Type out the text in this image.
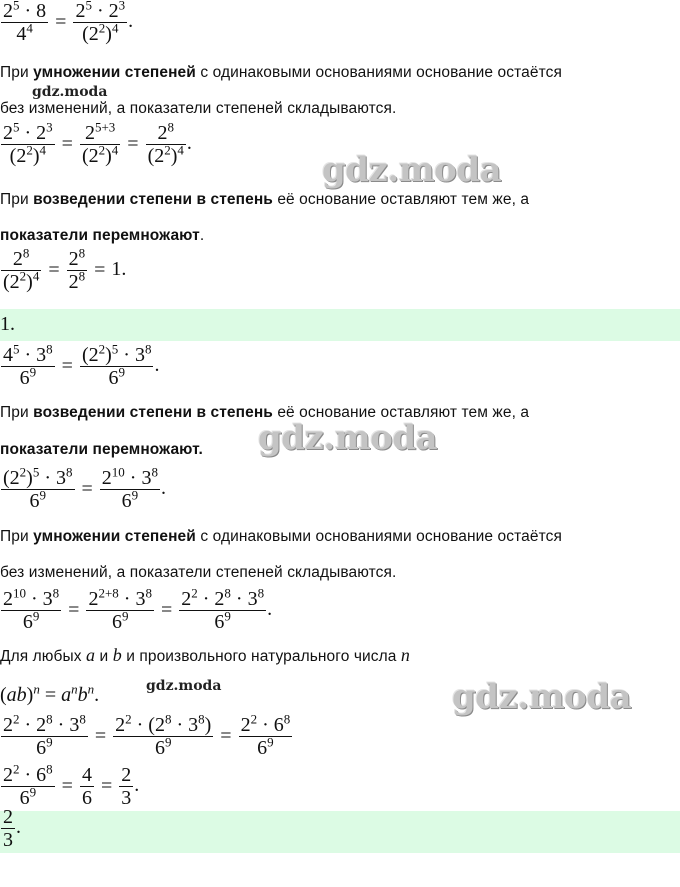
$\frac{2^5 \cdot 8}{4^4} = \frac{2^5 \cdot 2^3}{(2^2)^4}$ .
При умножении степеней с одинаковыми основаниями основание остаётся
gdz.moda
без изменений, а показатели степеней складываются.
$\frac{2^5 \cdot 2^3}{(2^2)^4} = \frac{2^{5+3}}{(2^2)^4} = \frac{2^8}{(2^2)^4}$ .
gdz.moda
При возведении степени в степень её основание оставляют тем же, а
показатели перемножают.
$\frac{2^8}{(2^2)^4} = \frac{2^8}{2^8} = 1$.
1.
$\frac{4^5 \cdot 3^8}{6^9} = \frac{(2^2)^5 \cdot 3^8}{6^9}$ .
При возведении степени в степень её основание оставляют тем же, а
показатели перемножают. gdz.moda
$\frac{(2^2)^5 \cdot 3^8}{6^9} = \frac{2^{10} \cdot 3^8}{6^9}$ .
При умножении степеней с одинаковыми основаниями основание остаётся
без изменений, а показатели степеней складываются.
$\frac{2^{10} \cdot 3^8}{6^9} = \frac{2^{2+8} \cdot 3^8}{6^9} = \frac{2^2 \cdot 2^8 \cdot 3^8}{6^9}$ .
Для любых a и b и произвольного натурального числа n
$(ab)^n = a^nb^n$.	gdz.moda	gdz.moda
$\frac{2^2 \cdot 2^8 \cdot 3^8}{6^9} = \frac{2^2 \cdot (2^8 \cdot 3^8)}{6^9} = \frac{2^2 \cdot 6^8}{6^9}$
$\frac{2^2 \cdot 6^8}{6^9} = \frac{4}{6} = \frac{2}{3}$ .
$\frac{2}{3}$ .
